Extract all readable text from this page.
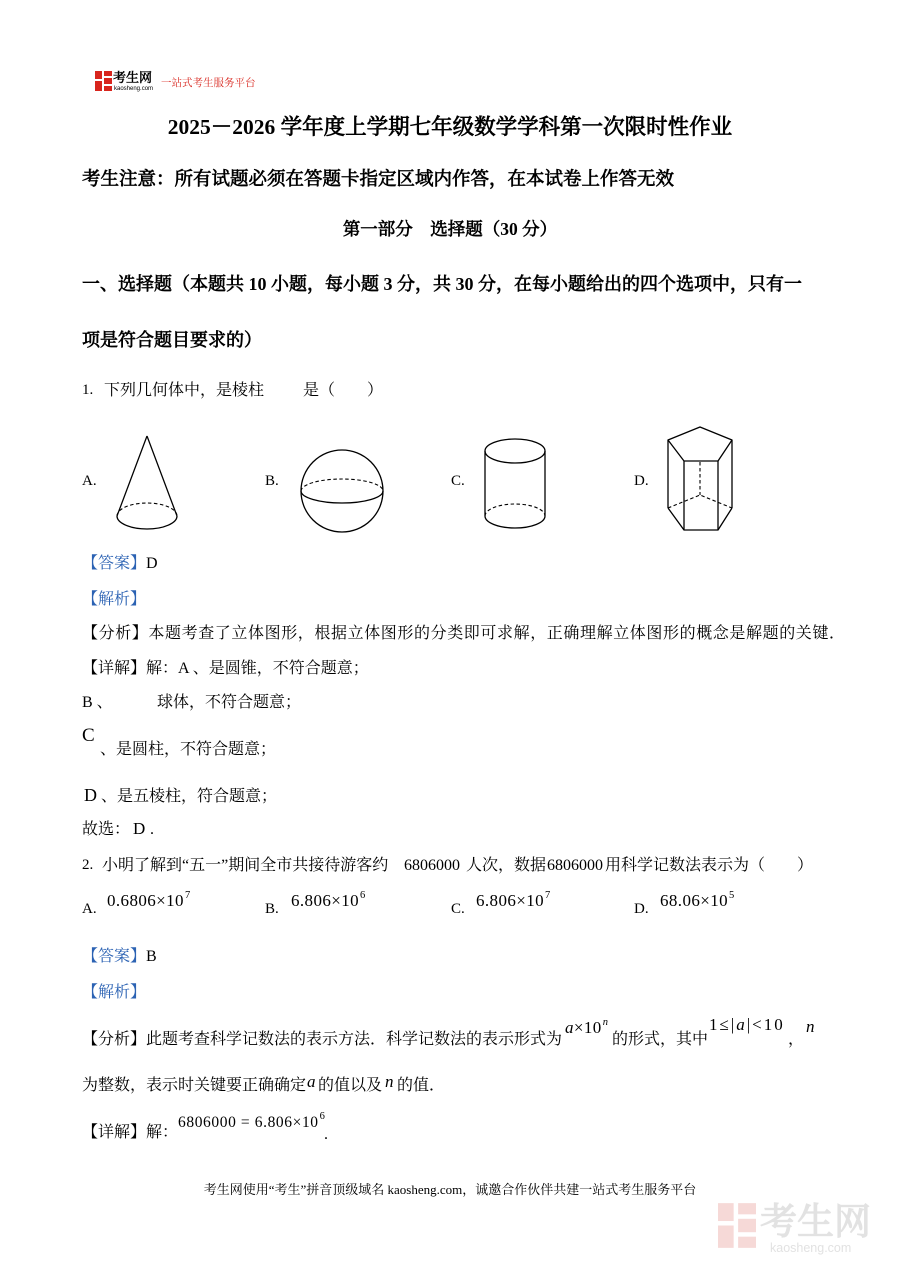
考生网
kaosheng.com 一站式考生服务平台
2025－2026 学年度上学期七年级数学学科第一次限时性作业
考生注意：所有试题必须在答题卡指定区域内作答，在本试卷上作答无效
第一部分　选择题（30 分）
一、选择题（本题共 10 小题，每小题 3 分，共 30 分，在每小题给出的四个选项中，只有一
项是符合题目要求的）
1. 下列几何体中，是棱柱 是（　　）
A.	B.	C.	D.
【答案】D
【解析】
【分析】本题考查了立体图形，根据立体图形的分类即可求解，正确理解立体图形的概念是解题的关键．
【详解】解：A 、是圆锥，不符合题意；
B 、	球体，不符合题意；
C
、是圆柱，不符合题意；
D 、是五棱柱，符合题意；
故选： D .
2. 小明了解到“五一”期间全市共接待游客约 6806000 人次，数据 6806000 用科学记数法表示为（ ）
A. $0.6806\times 10^7$
B. $6.806\times 10^6$
C. $6.806\times 10^7$
D. $68.06\times 10^5$
【答案】B
【解析】
【分析】此题考查科学记数法的表示方法．科学记数法的表示形式为
$a\times 10^n$
的形式，其中
1≤|a|<10
，
n
为整数，表示时关键要正确确定 a 的值以及 n 的值．
【详解】解：
$6806000 = 6.806\times 10^6$
.
考生网使用“考生”拼音顶级域名 kaosheng.com，诚邀合作伙伴共建一站式考生服务平台
考生网
kaosheng.com
